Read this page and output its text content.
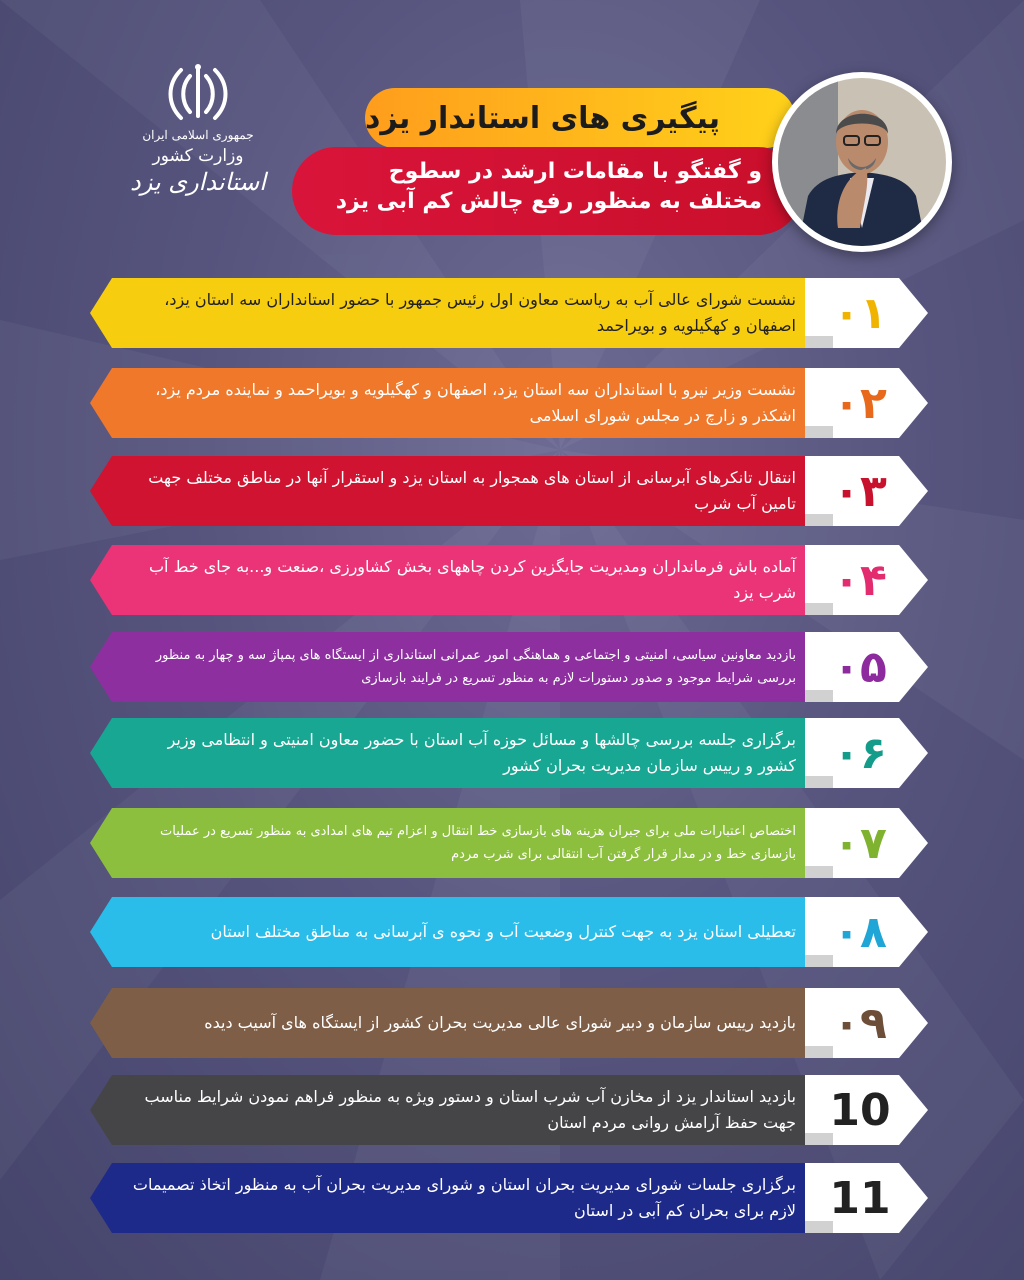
جمهوری اسلامی ایران
وزارت کشور
استانداری یزد
پیگیری های استاندار یزد
و گفتگو با مقامات ارشد در سطوح
مختلف به منظور رفع چالش کم آبی یزد
نشست شورای عالی آب به ریاست معاون اول رئیس جمهور با حضور استانداران سه استان یزد، اصفهان و کهگیلویه و بویراحمد ۰۱
نشست وزیر نیرو با استانداران سه استان یزد، اصفهان و کهگیلویه و بویراحمد و نماینده مردم یزد، اشکذر و زارچ در مجلس شورای اسلامی ۰۲
انتقال تانکرهای آبرسانی از استان های همجوار به استان یزد و استقرار آنها در مناطق مختلف جهت تامین آب شرب ۰۳
آماده باش فرمانداران ومدیریت جایگزین کردن چاههای بخش کشاورزی ،صنعت و...به جای خط آب شرب یزد ۰۴
بازدید معاونین سیاسی، امنیتی و اجتماعی و هماهنگی امور عمرانی استانداری از ایستگاه های پمپاژ سه و چهار به منظور بررسی شرایط موجود و صدور دستورات لازم به منظور تسریع در فرایند بازسازی ۰۵
برگزاری جلسه بررسی چالشها و مسائل حوزه آب استان با حضور معاون امنیتی و انتظامی وزیر کشور و رییس سازمان مدیریت بحران کشور ۰۶
اختصاص اعتبارات ملی برای جبران هزینه های بازسازی خط انتقال و اعزام تیم های امدادی به منظور تسریع در عملیات بازسازی خط و در مدار قرار گرفتن آب انتقالی برای شرب مردم ۰۷
تعطیلی استان یزد به جهت کنترل وضعیت آب و نحوه ی آبرسانی به مناطق مختلف استان ۰۸
بازدید رییس سازمان و دبیر شورای عالی مدیریت بحران کشور از ایستگاه های آسیب دیده ۰۹
بازدید استاندار یزد از مخازن آب شرب استان و دستور ویژه به منظور فراهم نمودن شرایط مناسب جهت حفظ آرامش روانی مردم استان 10
برگزاری جلسات شورای مدیریت بحران استان و شورای مدیریت بحران آب به منظور اتخاذ تصمیمات لازم برای بحران کم آبی در استان 11
